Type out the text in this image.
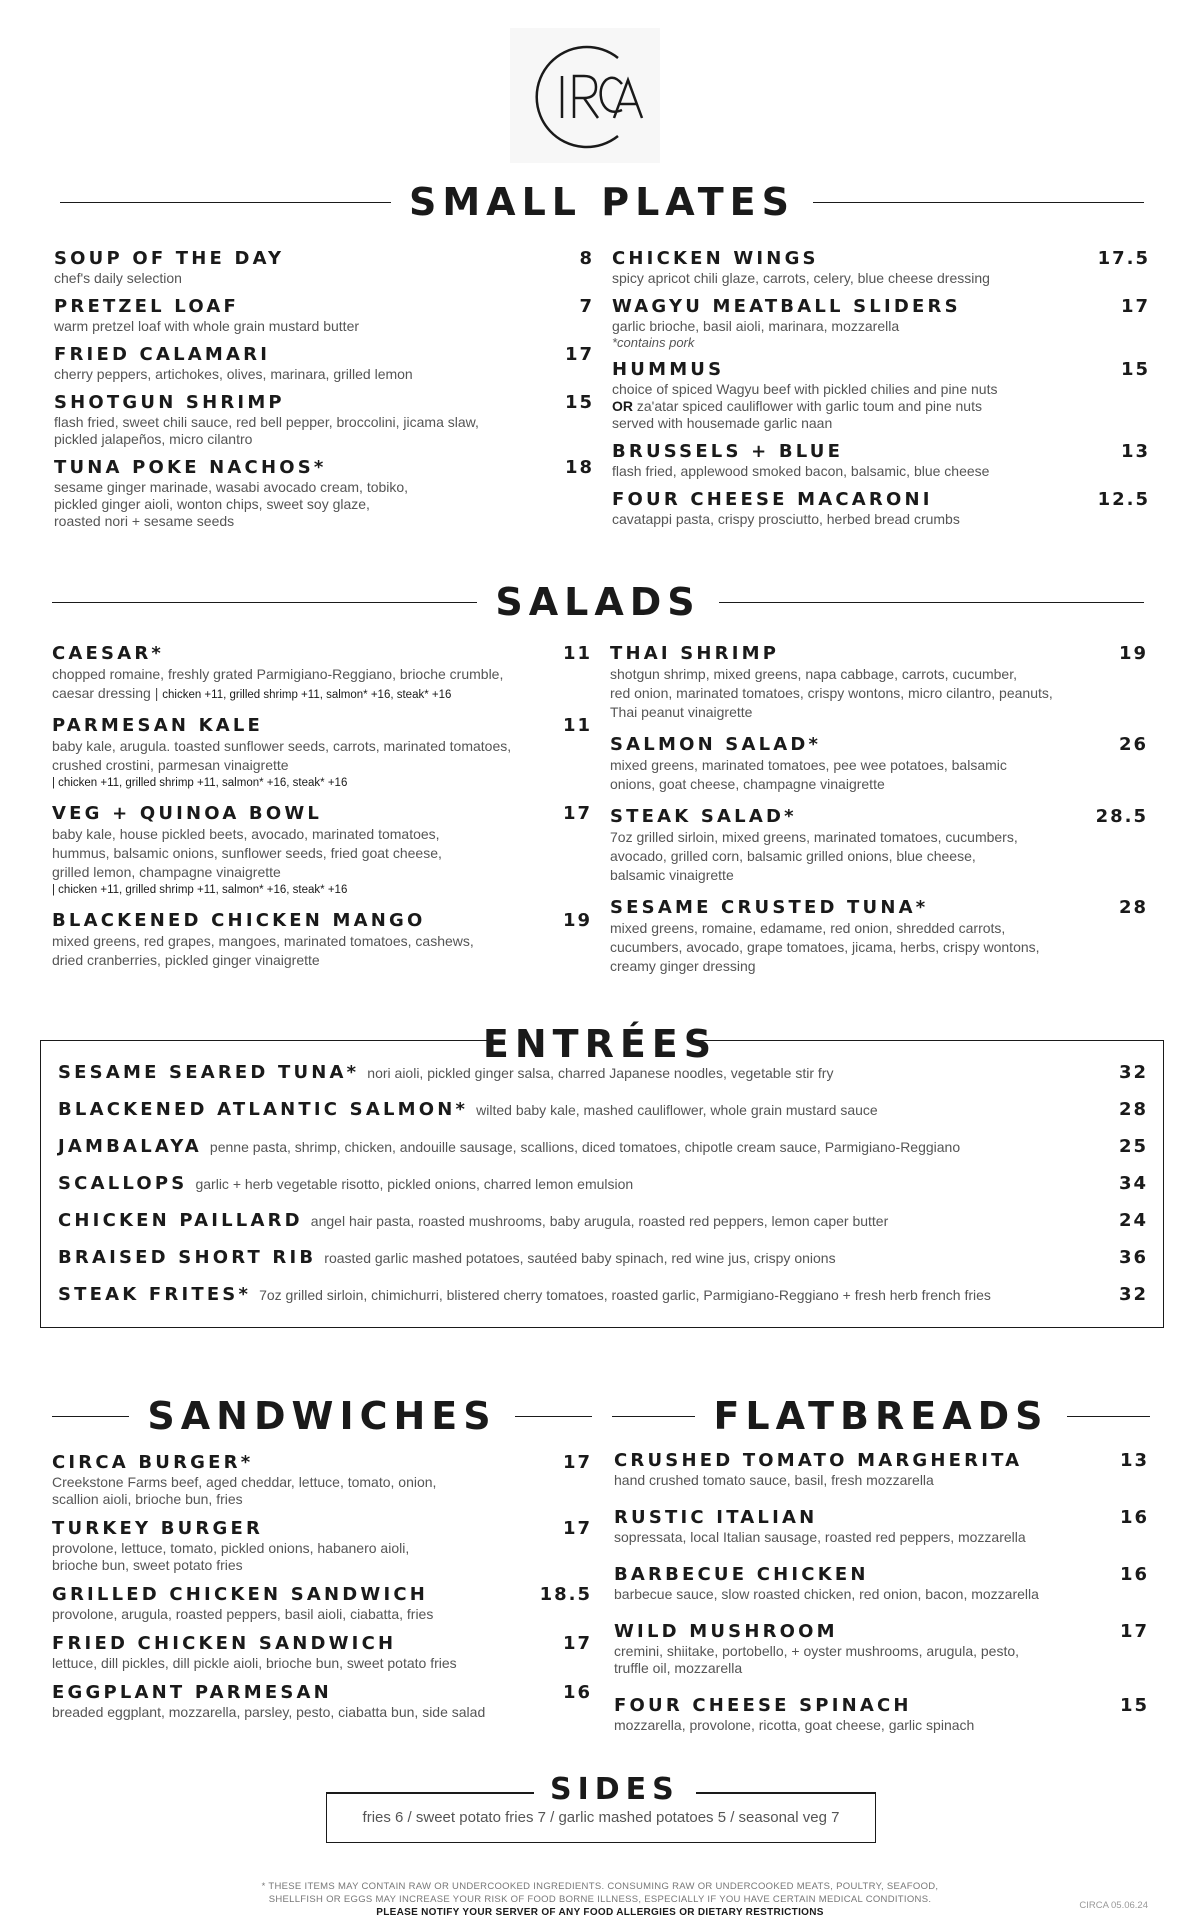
SMALL PLATES
SOUP OF THE DAY	8
chef's daily selection
PRETZEL LOAF	7
warm pretzel loaf with whole grain mustard butter
FRIED CALAMARI	17
cherry peppers, artichokes, olives, marinara, grilled lemon
SHOTGUN SHRIMP	15
flash fried, sweet chili sauce, red bell pepper, broccolini, jicama slaw,
pickled jalapeños, micro cilantro
TUNA POKE NACHOS*	18
sesame ginger marinade, wasabi avocado cream, tobiko,
pickled ginger aioli, wonton chips, sweet soy glaze,
roasted nori + sesame seeds
CHICKEN WINGS	17.5
spicy apricot chili glaze, carrots, celery, blue cheese dressing
WAGYU MEATBALL SLIDERS	17
garlic brioche, basil aioli, marinara, mozzarella
*contains pork
HUMMUS	15
choice of spiced Wagyu beef with pickled chilies and pine nuts
OR za'atar spiced cauliflower with garlic toum and pine nuts
served with housemade garlic naan
BRUSSELS + BLUE	13
flash fried, applewood smoked bacon, balsamic, blue cheese
FOUR CHEESE MACARONI	12.5
cavatappi pasta, crispy prosciutto, herbed bread crumbs
SALADS
CAESAR*	11
chopped romaine, freshly grated Parmigiano-Reggiano, brioche crumble,
caesar dressing | chicken +11, grilled shrimp +11, salmon* +16, steak* +16
PARMESAN KALE	11
baby kale, arugula. toasted sunflower seeds, carrots, marinated tomatoes,
crushed crostini, parmesan vinaigrette
| chicken +11, grilled shrimp +11, salmon* +16, steak* +16
VEG + QUINOA BOWL	17
baby kale, house pickled beets, avocado, marinated tomatoes,
hummus, balsamic onions, sunflower seeds, fried goat cheese,
grilled lemon, champagne vinaigrette
| chicken +11, grilled shrimp +11, salmon* +16, steak* +16
BLACKENED CHICKEN MANGO	19
mixed greens, red grapes, mangoes, marinated tomatoes, cashews,
dried cranberries, pickled ginger vinaigrette
THAI SHRIMP	19
shotgun shrimp, mixed greens, napa cabbage, carrots, cucumber,
red onion, marinated tomatoes, crispy wontons, micro cilantro, peanuts,
Thai peanut vinaigrette
SALMON SALAD*	26
mixed greens, marinated tomatoes, pee wee potatoes, balsamic
onions, goat cheese, champagne vinaigrette
STEAK SALAD*	28.5
7oz grilled sirloin, mixed greens, marinated tomatoes, cucumbers,
avocado, grilled corn, balsamic grilled onions, blue cheese,
balsamic vinaigrette
SESAME CRUSTED TUNA*	28
mixed greens, romaine, edamame, red onion, shredded carrots,
cucumbers, avocado, grape tomatoes, jicama, herbs, crispy wontons,
creamy ginger dressing
ENTRÉES
SESAME SEARED TUNA* nori aioli, pickled ginger salsa, charred Japanese noodles, vegetable stir fry	32
BLACKENED ATLANTIC SALMON* wilted baby kale, mashed cauliflower, whole grain mustard sauce	28
JAMBALAYA penne pasta, shrimp, chicken, andouille sausage, scallions, diced tomatoes, chipotle cream sauce, Parmigiano-Reggiano	25
SCALLOPS garlic + herb vegetable risotto, pickled onions, charred lemon emulsion	34
CHICKEN PAILLARD angel hair pasta, roasted mushrooms, baby arugula, roasted red peppers, lemon caper butter	24
BRAISED SHORT RIB roasted garlic mashed potatoes, sautéed baby spinach, red wine jus, crispy onions	36
STEAK FRITES* 7oz grilled sirloin, chimichurri, blistered cherry tomatoes, roasted garlic, Parmigiano-Reggiano + fresh herb french fries	32
SANDWICHES	FLATBREADS
CIRCA BURGER*	17
Creekstone Farms beef, aged cheddar, lettuce, tomato, onion,
scallion aioli, brioche bun, fries
TURKEY BURGER	17
provolone, lettuce, tomato, pickled onions, habanero aioli,
brioche bun, sweet potato fries
GRILLED CHICKEN SANDWICH	18.5
provolone, arugula, roasted peppers, basil aioli, ciabatta, fries
FRIED CHICKEN SANDWICH	17
lettuce, dill pickles, dill pickle aioli, brioche bun, sweet potato fries
EGGPLANT PARMESAN	16
breaded eggplant, mozzarella, parsley, pesto, ciabatta bun, side salad
CRUSHED TOMATO MARGHERITA	13
hand crushed tomato sauce, basil, fresh mozzarella
RUSTIC ITALIAN	16
sopressata, local Italian sausage, roasted red peppers, mozzarella
BARBECUE CHICKEN	16
barbecue sauce, slow roasted chicken, red onion, bacon, mozzarella
WILD MUSHROOM	17
cremini, shiitake, portobello, + oyster mushrooms, arugula, pesto,
truffle oil, mozzarella
FOUR CHEESE SPINACH	15
mozzarella, provolone, ricotta, goat cheese, garlic spinach
fries 6 / sweet potato fries 7 / garlic mashed potatoes 5 / seasonal veg 7
SIDES
* THESE ITEMS MAY CONTAIN RAW OR UNDERCOOKED INGREDIENTS. CONSUMING RAW OR UNDERCOOKED MEATS, POULTRY, SEAFOOD,
SHELLFISH OR EGGS MAY INCREASE YOUR RISK OF FOOD BORNE ILLNESS, ESPECIALLY IF YOU HAVE CERTAIN MEDICAL CONDITIONS.
PLEASE NOTIFY YOUR SERVER OF ANY FOOD ALLERGIES OR DIETARY RESTRICTIONS
CIRCA 05.06.24
